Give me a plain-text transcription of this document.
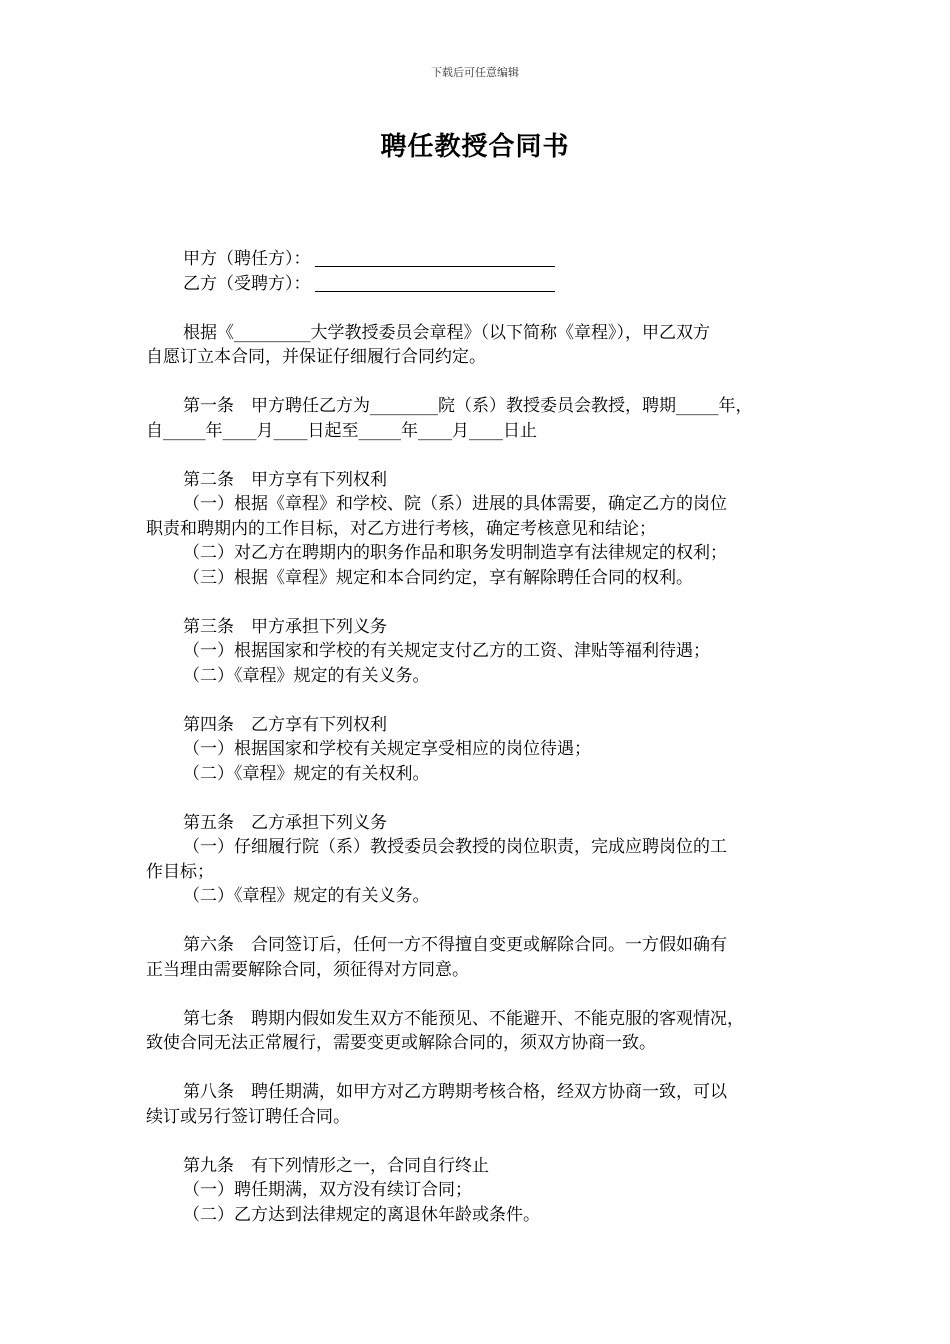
下载后可任意编辑
聘任教授合同书
甲方（聘任方）：
乙方（受聘方）：
根据《_________大学教授委员会章程》（以下简称《章程》），甲乙双方
自愿订立本合同，并保证仔细履行合同约定。
第一条　甲方聘任乙方为________院（系）教授委员会教授，聘期_____年，
自_____年____月____日起至_____年____月____日止
第二条　甲方享有下列权利
（一）根据《章程》和学校、院（系）进展的具体需要，确定乙方的岗位
职责和聘期内的工作目标，对乙方进行考核，确定考核意见和结论；
（二）对乙方在聘期内的职务作品和职务发明制造享有法律规定的权利；
（三）根据《章程》规定和本合同约定，享有解除聘任合同的权利。
第三条　甲方承担下列义务
（一）根据国家和学校的有关规定支付乙方的工资、津贴等福利待遇；
（二）《章程》规定的有关义务。
第四条　乙方享有下列权利
（一）根据国家和学校有关规定享受相应的岗位待遇；
（二）《章程》规定的有关权利。
第五条　乙方承担下列义务
（一）仔细履行院（系）教授委员会教授的岗位职责，完成应聘岗位的工
作目标；
（二）《章程》规定的有关义务。
第六条　合同签订后，任何一方不得擅自变更或解除合同。一方假如确有
正当理由需要解除合同，须征得对方同意。
第七条　聘期内假如发生双方不能预见、不能避开、不能克服的客观情况，
致使合同无法正常履行，需要变更或解除合同的，须双方协商一致。
第八条　聘任期满，如甲方对乙方聘期考核合格，经双方协商一致，可以
续订或另行签订聘任合同。
第九条　有下列情形之一，合同自行终止
（一）聘任期满，双方没有续订合同；
（二）乙方达到法律规定的离退休年龄或条件。
